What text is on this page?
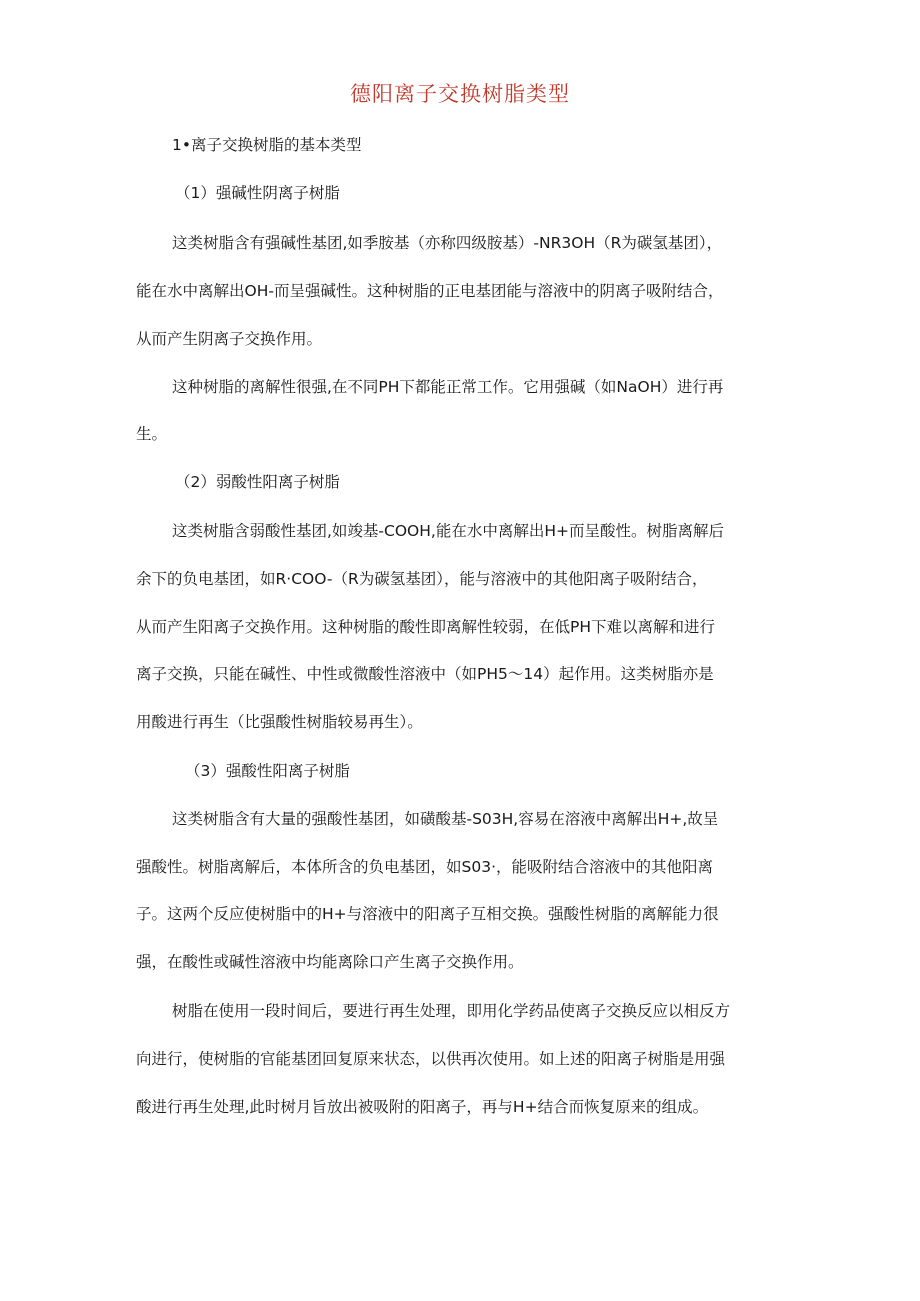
德阳离子交换树脂类型
1•离子交换树脂的基本类型
（1）强碱性阴离子树脂
这类树脂含有强碱性基团,如季胺基（亦称四级胺基）-NR3OH（R为碳氢基团），
能在水中离解出OH-而呈强碱性。这种树脂的正电基团能与溶液中的阴离子吸附结合，
从而产生阴离子交换作用。
这种树脂的离解性很强,在不同PH下都能正常工作。它用强碱（如NaOH）进行再
生。
（2）弱酸性阳离子树脂
这类树脂含弱酸性基团,如竣基-COOH,能在水中离解出H+而呈酸性。树脂离解后
余下的负电基团，如R·COO-（R为碳氢基团），能与溶液中的其他阳离子吸附结合，
从而产生阳离子交换作用。这种树脂的酸性即离解性较弱，在低PH下难以离解和进行
离子交换，只能在碱性、中性或微酸性溶液中（如PH5～14）起作用。这类树脂亦是
用酸进行再生（比强酸性树脂较易再生）。
（3）强酸性阳离子树脂
这类树脂含有大量的强酸性基团，如磺酸基-S03H,容易在溶液中离解出H+,故呈
强酸性。树脂离解后，本体所含的负电基团，如S03·，能吸附结合溶液中的其他阳离
子。这两个反应使树脂中的H+与溶液中的阳离子互相交换。强酸性树脂的离解能力很
强，在酸性或碱性溶液中均能离除口产生离子交换作用。
树脂在使用一段时间后，要进行再生处理，即用化学药品使离子交换反应以相反方
向进行，使树脂的官能基团回复原来状态，以供再次使用。如上述的阳离子树脂是用强
酸进行再生处理,此时树月旨放出被吸附的阳离子，再与H+结合而恢复原来的组成。
